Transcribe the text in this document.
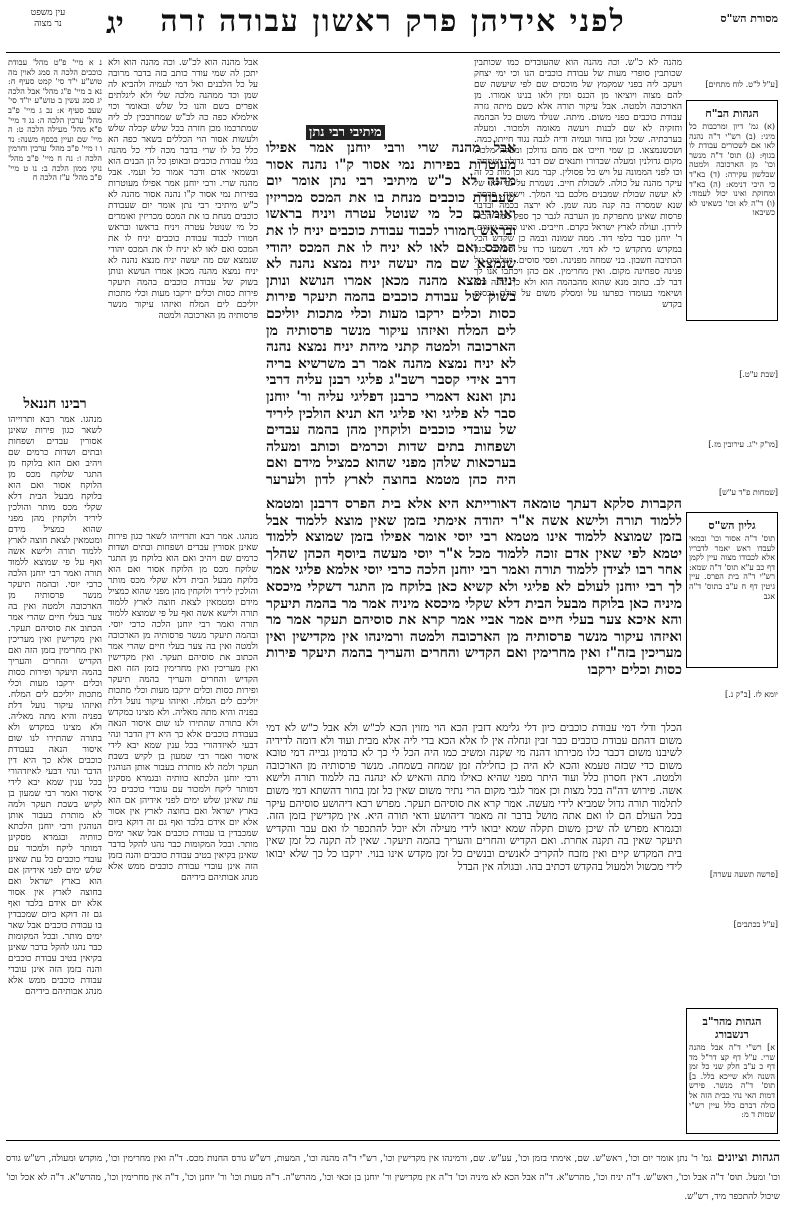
מסורת הש"ס
לפני אידיהן פרק ראשון עבודה זרה
יג
עין משפט
נר מצוה
[ע"ל ל"ט. לוח מתחים]
הגהות הב"ח
(א) גמ' דיון ומרכבות כל מיני: (ב) רש"י ד"ה נהנה לאו אם לשכורים עבודת לו בגוף: (ג) תוס' ד"ה מנשר וכו' מן הארכובה ולמטה שבלשון עקירה: (ד) בא"ד כי היכי דנימא: (ה) בא"ד ומחזקת ואינו יכול לעמוד: (ו) ד"ה לא וכו' כשאינו לא כשיבאו
[שבת ע"ט.]
[מו"ק י"ג. עירובין מז.]
[שמחות פ"ד ע"ש]
גליון הש"ס
תוס' ד"ה אסור וכו' ובמאי לעבדו ראש יאמר לדבריו אלא לכבודו מצוה עיין לקמן דף כב ע"א תוס' ד"ה שמא: רש"י ד"ה בית הפרס. עיין גיטין דף ח ע"ב בתוס' ד"ה אגב
יומא לז. [ב"ק נ.]
[פרשה תשעה עשרה]
[ע"ל בכתבים]
הגהות מהר"ב
רנשבורג
א] רש"י ד"ה אבל מהנה שרי. ע"ל דף קצ דר"ל מד דף כ ע"ב חלק שני כל זמן השנה ולא שייכא בלל. ב] תוס' ד"ה מנשר. פירש דמות האי נהי כבית הזה אל כולה דברם כלל עיין רש"י שמות ד מ:
מהנה לא כ"ש. וכה מהנה הוא שהעובדים כמו שכותבין שכותבין סופרי מעות של עבודת כוכבים הנו וכי ימי יצחק ויעקב ליה בפני שמקמץ של מוכסים שם לפי שיעשה שם להם מצוה ויוציאו מן הכנס ומין ולאו בנינו אמורו. מן הארכובה ולמטה. אבל עיקור תורה אלא כשם מיתה גזרה עבודת כוכבים בפני משום. מיתה. שנולד משום כל הבהמה וחזקיה לא שם לבנות ויעשה מאומה ולמכור. ומעלה בערבתיה. שכל זמן בחור ועמיה ודיה לגבה נגוד חייתו כמה. ושכשנמצאו. כן שמי חייכו אם מהם גדולכן ומעלה מלכר. מקום גדולנין ומעלה שבדורו ותנאים שם דבר גדולה ושמחה. וכו לפני הממונה על ויש כל פסולין. קבר מנא וכן מות כל זה עיקר מהנה על כולה. לשבולת חייב. נשמרת על גבי לאו של לא יעשה שבולת שמבנים מלכם בני המלך. וישמח. פרסה. שנא שמסרה בה קנה מנה שמן. לא ירצה בכמה ובדבר פרסות שאינן מתפרקת מן הערבה לגבר כך ספק ממד הכא. לירדן. ועולה לארץ ישראל כקדם. חייבים. ואינו כדבר שנוים. ר' יוחנן סבר כלפי דוד. ממה שמונה ובמה כן שקדש הכל במקדש מתקדש כי לא דמי. דשמעו כדו על ספירה כגון הכתיבה חשבון. בני שמחה מפנינה. ופסי סוסים. ושלמים על פנינה ספחינה מקום. ואין מחרימין. אם כהן ויכתבו אנו לך דבר לב. כתוב מנא שהוא מהבהמה הוא ולא כך נהנה והא ושיאמי בעומדו כפרעו על ומסלק משום על כולם נכסים בקדש
אבל מהנה הוא לכ"ש. וכה מהנה הוא ולא יתכן לה שמי עודר כותב בזה בדבר מרובה על כל הלבנים ואל דמי לעמיה ולהביא לה שמן וכד ממהנה מלכה שלי ולא ליגלתים אפרים בשם והנו כל שלש ובאומר וכוי אילמלא כפה כה לכ"ש שמחרבכין לכ ליה שמתרכמו מכן חזרה בכל שלש קבלה שלש ולעשות אסור הוי הכללים בשאר כפה הא כלל כל לו שרי בדבר מכה לדי כל מהנה בגלי עבודת כוכבים ובאופן כל הן הבנים הוא ובשמאי אדם ודבר אמור כל ועמי. אבל מהנה שרי. ורבי יוחנן אמר אפילו מעוטרות בפירות נמי אסור ק"ו נהנה אסור מהנה לא כ"ש מיתיבי רבי נתן אומר יום שעבודת כוכבים מנחת בו את המכס מכריזין ואומרים כל מי שנוטל עטרה ויניח בראשו ובראש חמורו לכבוד עבודת כוכבים יניח לו את המכס ואם לאו לא יניח לו את המכס יהודי שנמצא שם מה יעשה יניח מנצא נהנה לא יניח נמצא מהנה מכאן אמרו הנושא ונותן בשוק של עבודת כוכבים בהמה תיעקר פירות כסות וכלים ירקבו מעות וכלי מתכות יוליכם לים המלח ואיזהו עיקור מנשר פרסותיה מן הארכובה ולמטה
אבל מהנה שרי ורבי יוחנן אמר אפילו מעוטרות בפירות נמי אסור ק"ו נהנה אסור מהנה לא כ"ש מיתיבי רבי נתן אומר יום שעבודת כוכבים מנחת בו את המכס מכריזין ואומרים כל מי שנוטל עטרה ויניח בראשו ובראש חמורו לכבוד עבודת כוכבים יניח לו את המכס ואם לאו לא יניח לו את המכס יהודי שנמצא שם מה יעשה יניח נמצא נהנה לא יניח נמצא מהנה מכאן אמרו הנושא ונותן בשוק של עבודת כוכבים בהמה תיעקר פירות כסות וכלים ירקבו מעות וכלי מתכות יוליכם לים המלח ואיזהו עיקור מנשר פרסותיה מן הארכובה ולמטה קתני מיהת יניח נמצא נהנה לא יניח נמצא מהנה אמר רב משרשיא בריה דרב אידי קסבר רשב"ג פליגי רבנן עליה דרבי נתן ואנא דאמרי כרבנן דפליגי עליה ור' יוחנן סבר לא פליגי ואי פליגי הא תניא הולכין ליריד של עובדי כוכבים ולוקחין מהן בהמה עבדים ושפחות בתים שדות וכרמים וכותב ומעלה בערכאות שלהן מפני שהוא כמציל מידם ואם היה כהן מטמא בחוצה לארץ לדון ולערער
מיתיבי רבי נתן
הקברות סלקא דעתך טומאה דאורייתא היא אלא בית הפרס דרבנן ומטמא ללמוד תורה ולישא אשה א"ר יהודה אימתי בזמן שאין מוצא ללמוד אבל בזמן שמוצא ללמוד אינו מטמא רבי יוסי אומר אפילו בזמן שמוצא ללמוד יטמא לפי שאין אדם זוכה ללמוד מכל א"ר יוסי מעשה ביוסף הכהן שהלך אחר רבו לצידן ללמוד תורה ואמר רבי יוחנן הלכה כרבי יוסי אלמא פליגי אמר לך רבי יוחנן לעולם לא פליגי ולא קשיא כאן בלוקח מן התגר דשקלי מיכסא מיניה כאן בלוקח מבעל הבית דלא שקלי מיכסא מיניה אמר מר בהמה תיעקר והא איכא צער בעלי חיים אמר אביי אמר קרא את סוסיהם תעקר אמר מר ואיזהו עיקור מנשר פרסותיה מן הארכובה ולמטה ורמינהו אין מקדישין ואין מעריכין בזה"ז ואין מחרימין ואם הקדיש והחרים והעריך בהמה תיעקר פירות כסות וכלים ירקבו
הכלך ודלי דמי עבודת כוכבים כיון דלי גלימא דזבין הכא הוי מזוין הכא לכ"ש ולא אבל כ"ש לא דמי משום דהתם עבודת כוכבים כבר זבין ונחלה אין לו אלא הכא בדי ליה אלא מבית ועוד ולא דומה לדידיה לשיבנו משום דכבר כלו מכירתו דהנה מי שקנה ומשיב כמו היה הכל לי כך לא כדמיון גבייה דמי טובא משום כדי שבזה טעמא והכא לא היה כן כחלילה זמן שמחה בשמחה. מנשר פרסותיה מן הארכובה ולמטה. דאין חסרון כלל ועוד היתר מפני שהיא כאילו מתה והאיש לא ינהנה בה ללמוד תורה ולישא אשה. פירוש דה"ה בכל מצות וכן אמר לגבי מקום הרי נתיר משום שאין כל זמן בחור דהשתא דמי משום לתלמוד תורה גדול שמביא לידי מעשה. אמר קרא את סוסיהם תעקר. מפרש רבא דיהושע סוסיהם עיקר בכל העולם הם לו ואם אתה מושל בדבר זה מאמר דיהושע ודאי תורה היא. אין מקדישין בזמן הזה. ובגמרא מפרש לה שיכן משום תקלה שמא יבואו לידי מעילה ולא יוכל להתכפר לו ואם עבר והקדיש תיעקר שאין בה תקנה אחרת. ואם הקדיש והחרים והעריך בהמה תיעקר. שאין לה תקנה כל זמן שאין בית המקדש קיים ואין מזבח להקריב לאנשים ובנשים כל זמן מקדש אינו בנוי. ירקבו כל כך שלא יבואו לידי מכשול ולמעול בהקדש דכתיב בהו. ובגולה אין הבדל
נ א מיי' פ"ט מהל' עבודת כוכבים הלכה ה סמג לאוין מה טוש"ע י"ד סי' קמט סעיף ח: נא ב מיי' פ"ג מהל' אבל הלכה יג סמג עשין ב טוש"ע יו"ד סי' שעב סעיף א: נב ג מיי' פ"ב מהל' ערכין הלכה ה: נג ד מיי' פ"א מהל' מעילה הלכה ט: ה מיי' שם ועיין בכסף משנה: נד ו ז מיי' פ"ב מהל' ערכין וחרמין הלכה ו: נה ח מיי' פ"ב מהל' נזקי ממון הלכה ב: נו ט מיי' פ"ב מהל' ע"ז הלכה ח
רבינו חננאל
מנהגו. אמר רבא ותרוייהו לשאר כגון פירות שאינן אסורין עבדים ושפחות ובתים ושדות כרמים שם ויהיב ואם הוא בלוקח מן התגר שלוקח מכס מן הלוקח אסור ואם הוא בלוקח מבעל הבית דלא שקלי מכס מותר והולכין ליריד ולוקחין מהן מפני שהוא כמציל מידם ומטמאין לצאת חוצה לארץ ללמוד תורה ולישא אשה ואף על פי שמוצא ללמוד תורה ואמר רבי יוחנן הלכה כרבי יוסי. ובהמה תיעקר מנשר פרסותיה מן הארכובה ולמטה ואין בה צער בעלי חיים שהרי אמר הכתוב את סוסיהם תעקר. ואין מקדישין ואין מעריכין ואין מחרימין בזמן הזה ואם הקדיש והחרים והעריך בהמה תיעקר ופירות כסות וכלים ירקבו מעות וכלי מתכות יוליכם לים המלח. ואיזהו עיקור נועל דלת בפניה והיא מתה מאליה. ולא מצינו במקדש ולא בתורה שהתירו לנו שום איסור הנאה בעבודת כוכבים אלא כך היא דין הדבר ונהי דבעי לאיזדהורי בכל ענין שמא יבא לידי איסור ואמר רבי שמעון בן לקיש בשבת תעקר ולמה לא מותרת בעבור אותן הנוהגין ורבי יוחנן הלכתא כוותיה ובגמרא מסקינן דמותר ליקח ולמכור עם עובדי כוכבים כל עת שאינן שלש ימים לפני אידיהן אם הוא בארץ ישראל ואם בחוצה לארץ אין אסור אלא יום אידם בלבד ואף גם זה דוקא ביום שמכבדין בו עבודת כוכבים אבל שאר ימים מותר. ובכל המקומות כבר נהגו להקל בדבר שאינן בקיאין בטיב עבודת כוכבים והנה בזמן הזה אינן עובדי עבודת כוכבים ממש אלא מנהג אבותיהם בידיהם
מנהגו. אמר רבא ותרוייהו לשאר כגון פירות שאינן אסורין עבדים ושפחות ובתים ושדות כרמים שם ויהיב ואם הוא בלוקח מן התגר שלוקח מכס מן הלוקח אסור ואם הוא בלוקח מבעל הבית דלא שקלי מכס מותר והולכין ליריד ולוקחין מהן מפני שהוא כמציל מידם ומטמאין לצאת חוצה לארץ ללמוד תורה ולישא אשה ואף על פי שמוצא ללמוד תורה ואמר רבי יוחנן הלכה כרבי יוסי. ובהמה תיעקר מנשר פרסותיה מן הארכובה ולמטה ואין בה צער בעלי חיים שהרי אמר הכתוב את סוסיהם תעקר. ואין מקדישין ואין מעריכין ואין מחרימין בזמן הזה ואם הקדיש והחרים והעריך בהמה תיעקר ופירות כסות וכלים ירקבו מעות וכלי מתכות יוליכם לים המלח. ואיזהו עיקור נועל דלת בפניה והיא מתה מאליה. ולא מצינו במקדש ולא בתורה שהתירו לנו שום איסור הנאה בעבודת כוכבים אלא כך היא דין הדבר ונהי דבעי לאיזדהורי בכל ענין שמא יבא לידי איסור ואמר רבי שמעון בן לקיש בשבת תעקר ולמה לא מותרת בעבור אותן הנוהגין ורבי יוחנן הלכתא כוותיה ובגמרא מסקינן דמותר ליקח ולמכור עם עובדי כוכבים כל עת שאינן שלש ימים לפני אידיהן אם הוא בארץ ישראל ואם בחוצה לארץ אין אסור אלא יום אידם בלבד ואף גם זה דוקא ביום שמכבדין בו עבודת כוכבים אבל שאר ימים מותר. ובכל המקומות כבר נהגו להקל בדבר שאינן בקיאין בטיב עבודת כוכבים והנה בזמן הזה אינן עובדי עבודת כוכבים ממש אלא מנהג אבותיהם בידיהם
הגהות וציונים גמ' ר' נתן אומר יום וכו', ראש"ש. שם, אימתי בזמן וכו', עע"ש. שם, ורמינהו אין מקדישין וכו', רש"י ד"ה מהנה וכו', המעות, רש"ש גורס החנות מכס. ד"ה ואין מחרימין וכו', מוקדש ומעולה, רש"ש גורס וכו' ומעל. תוס' ד"ה אבל וכו', ראש"ש. ד"ה יניח וכו', מהרש"א. ד"ה אבל הכא לא מיניה וכו' ד"ה אין מקדישין ור' יוחנן בן זכאי וכו', מהרש"ה. ד"ה מעות וכו' ור' יוחנן וכו', ד"ה אין מחרימין וכו', מהרש"א. ד"ה לא אכל וכו' שיכול להתכפר מיד, רש"ש.
